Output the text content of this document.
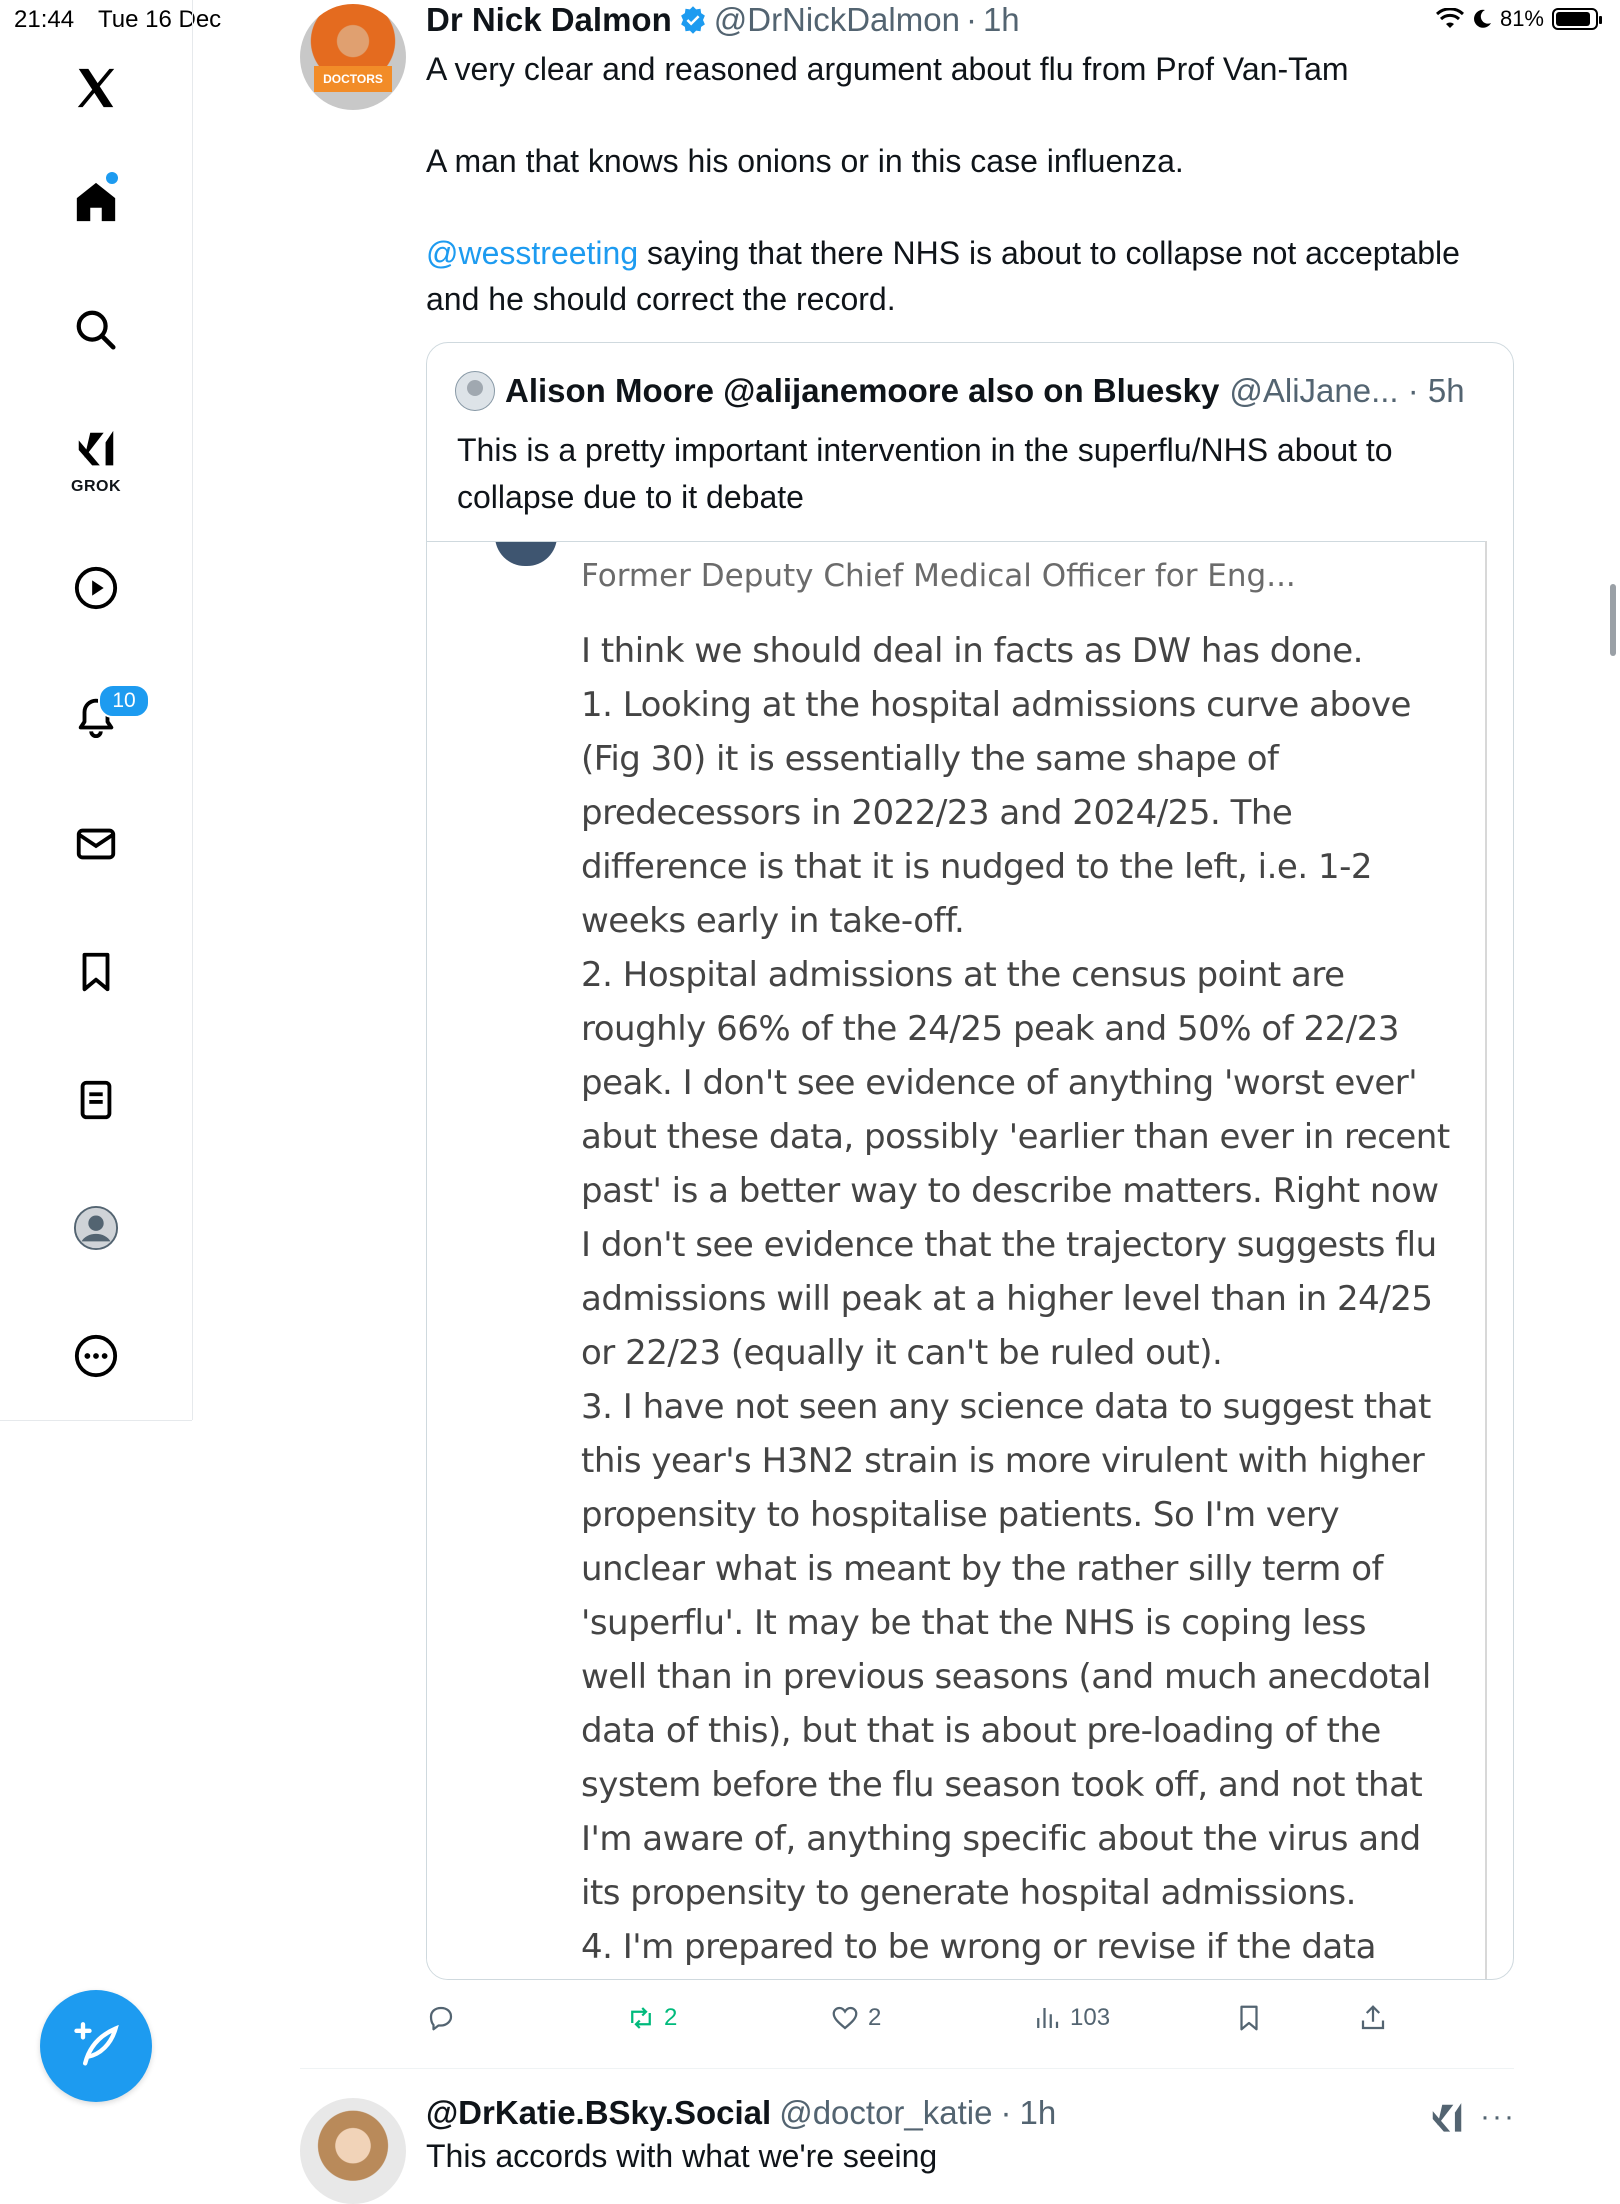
21:44 Tue 16 Dec	81%
GROK
10
DOCTORS
Dr Nick Dalmon @DrNickDalmon · 1h

A very clear and reasoned argument about flu from Prof Van-Tam

A man that knows his onions or in this case influenza.

@wesstreeting saying that there NHS is about to collapse not acceptable and he should correct the record.

Alison Moore @alijanemoore also on Bluesky @AliJane... · 5h
This is a pretty important intervention in the superflu/NHS about to collapse due to it debate
Former Deputy Chief Medical Officer for Eng...
I think we should deal in facts as DW has done.
1. Looking at the hospital admissions curve above
(Fig 30) it is essentially the same shape of
predecessors in 2022/23 and 2024/25. The
difference is that it is nudged to the left, i.e. 1-2
weeks early in take-off.
2. Hospital admissions at the census point are
roughly 66% of the 24/25 peak and 50% of 22/23
peak. I don't see evidence of anything 'worst ever'
abut these data, possibly 'earlier than ever in recent
past' is a better way to describe matters. Right now
I don't see evidence that the trajectory suggests flu
admissions will peak at a higher level than in 24/25
or 22/23 (equally it can't be ruled out).
3. I have not seen any science data to suggest that
this year's H3N2 strain is more virulent with higher
propensity to hospitalise patients. So I'm very
unclear what is meant by the rather silly term of
'superflu'. It may be that the NHS is coping less
well than in previous seasons (and much anecdotal
data of this), but that is about pre-loading of the
system before the flu season took off, and not that
I'm aware of, anything specific about the virus and
its propensity to generate hospital admissions.
4. I'm prepared to be wrong or revise if the data
2	2	103
@DrKatie.BSky.Social @doctor_katie · 1h
This accords with what we're seeing
···
